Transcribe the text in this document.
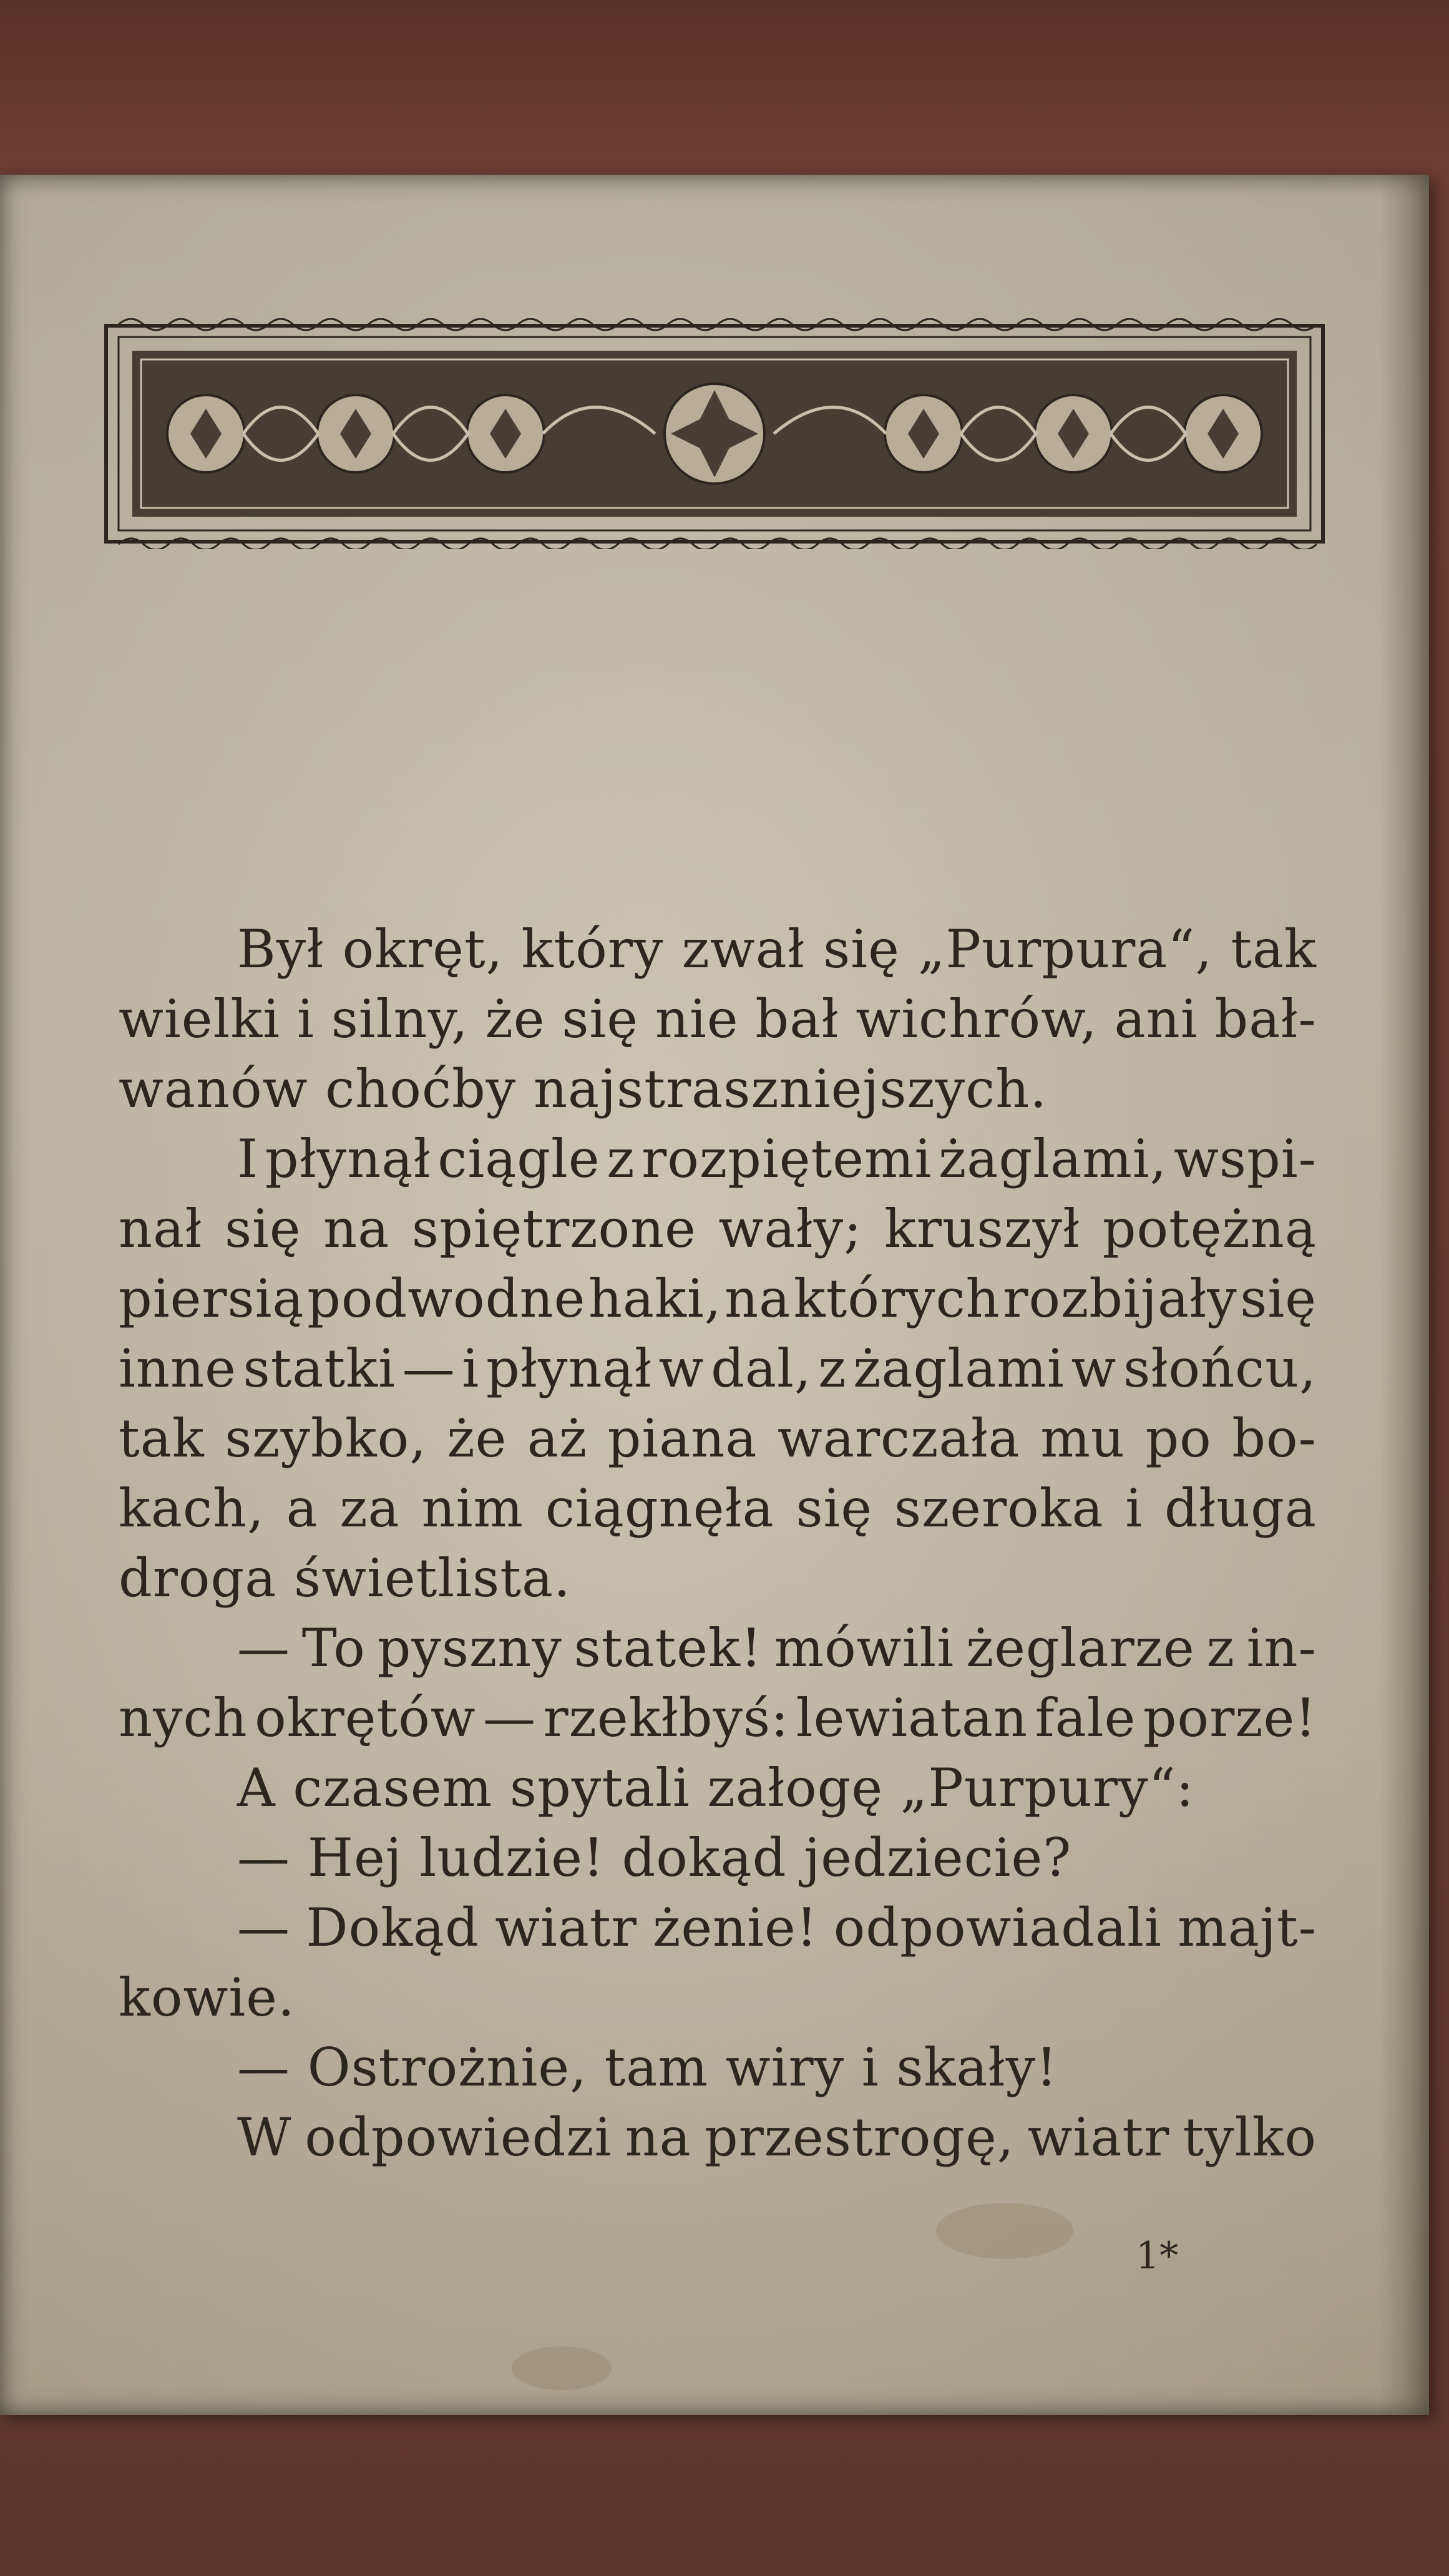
Był okręt, który zwał się „Purpura“, tak
wielki i silny, że się nie bał wichrów, ani bał-
wanów choćby najstraszniejszych.
I płynął ciągle z rozpiętemi żaglami, wspi-
nał się na spiętrzone wały; kruszył potężną
piersią podwodne haki, na których rozbijały się
inne statki — i płynął w dal, z żaglami w słońcu,
tak szybko, że aż piana warczała mu po bo-
kach, a za nim ciągnęła się szeroka i długa
droga świetlista.
— To pyszny statek! mówili żeglarze z in-
nych okrętów — rzekłbyś: lewiatan fale porze!
A czasem spytali załogę „Purpury“:
— Hej ludzie! dokąd jedziecie?
— Dokąd wiatr żenie! odpowiadali majt-
kowie.
— Ostrożnie, tam wiry i skały!
W odpowiedzi na przestrogę, wiatr tylko
1*
